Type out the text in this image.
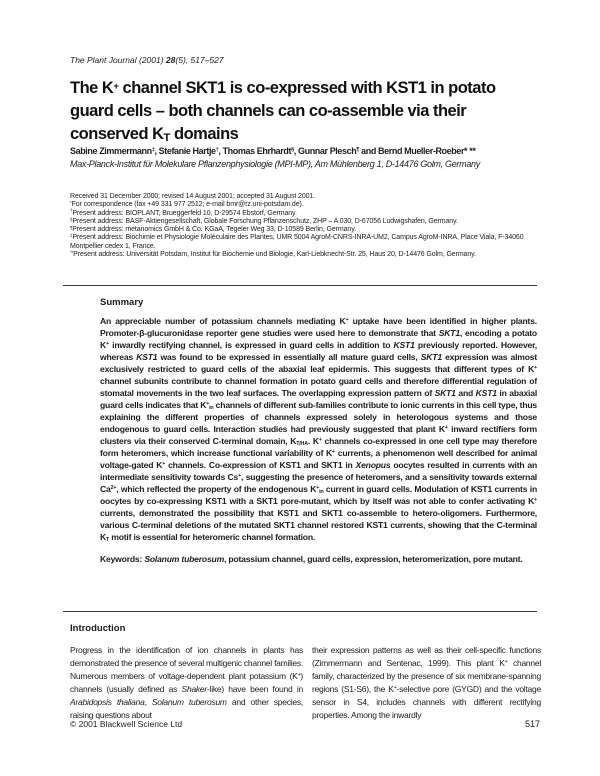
The Plant Journal (2001) 28(5), 517–527
The K+ channel SKT1 is co-expressed with KST1 in potato
guard cells – both channels can co-assemble via their
conserved $K_T$ domains
Sabine Zimmermann‡, Stefanie Hartje†, Thomas Ehrhardt§, Gunnar Plesch¶ and Bernd Mueller-Roeber* **
Max-Planck-Institut für Molekulare Pflanzenphysiologie (MPI-MP), Am Mühlenberg 1, D-14476 Golm, Germany
Received 31 December 2000; revised 14 August 2001; accepted 31 August 2001.
*For correspondence (fax +49 331 977 2512; e-mail bmr@rz.uni-potsdam.de).
†Present address: BIOPLANT, Brueggerfeld 10, D-29574 Ebstorf, Germany.
§Present address: BASF-Aktiengesellschaft, Globale Forschung Pflanzenschutz, ZHP – A 030, D-67056 Ludwigshafen, Germany.
¶Present address: metanomics GmbH & Co. KGaA, Tegeler Weg 33, D-10589 Berlin, Germany.
‡Present address: Biochimie et Physiologie Moléculaire des Plantes, UMR 5004 AgroM-CNRS-INRA-UM2, Campus AgroM-INRA, Place Viala, F-34060 Montpellier cedex 1, France.
**Present address: Universität Potsdam, Institut für Biochemie und Biologie, Karl-Liebknecht-Str. 25, Haus 20, D-14476 Golm, Germany.
Summary

An appreciable number of potassium channels mediating K+ uptake have been identified in higher plants. Promoter-β-glucuronidase reporter gene studies were used here to demonstrate that SKT1, encoding a potato K+ inwardly rectifying channel, is expressed in guard cells in addition to KST1 previously reported. However, whereas KST1 was found to be expressed in essentially all mature guard cells, SKT1 expression was almost exclusively restricted to guard cells of the abaxial leaf epidermis. This suggests that different types of K+ channel subunits contribute to channel formation in potato guard cells and therefore differential regulation of stomatal movements in the two leaf surfaces. The overlapping expression pattern of SKT1 and KST1 in abaxial guard cells indicates that $K^+_{in}$ channels of different sub-families contribute to ionic currents in this cell type, thus explaining the different properties of channels expressed solely in heterologous systems and those endogenous to guard cells. Interaction studies had previously suggested that plant K+ inward rectifiers form clusters via their conserved C-terminal domain, $K_{T/HA}$. K+ channels co-expressed in one cell type may therefore form heteromers, which increase functional variability of K+ currents, a phenomenon well described for animal voltage-gated K+ channels. Co-expression of KST1 and SKT1 in Xenopus oocytes resulted in currents with an intermediate sensitivity towards Cs+, suggesting the presence of heteromers, and a sensitivity towards external $Ca^{2+}$, which reflected the property of the endogenous $K^+_{in}$ current in guard cells. Modulation of KST1 currents in oocytes by co-expressing KST1 with a SKT1 pore-mutant, which by itself was not able to confer activating K+ currents, demonstrated the possibility that KST1 and SKT1 co-assemble to hetero-oligomers. Furthermore, various C-terminal deletions of the mutated SKT1 channel restored KST1 currents, showing that the C-terminal $K_T$ motif is essential for heteromeric channel formation.

Keywords: Solanum tuberosum, potassium channel, guard cells, expression, heteromerization, pore mutant.

Introduction
Progress in the identification of ion channels in plants has demonstrated the presence of several multigenic channel families. Numerous members of voltage-dependent plant potassium (K+) channels (usually defined as Shaker-like) have been found in Arabidopsis thaliana, Solanum tuberosum and other species, raising questions about
their expression patterns as well as their cell-specific functions (Zimmermann and Sentenac, 1999). This plant K+ channel family, characterized by the presence of six membrane-spanning regions (S1-S6), the K+-selective pore (GYGD) and the voltage sensor in S4, includes channels with different rectifying properties. Among the inwardly
© 2001 Blackwell Science Ltd	517
